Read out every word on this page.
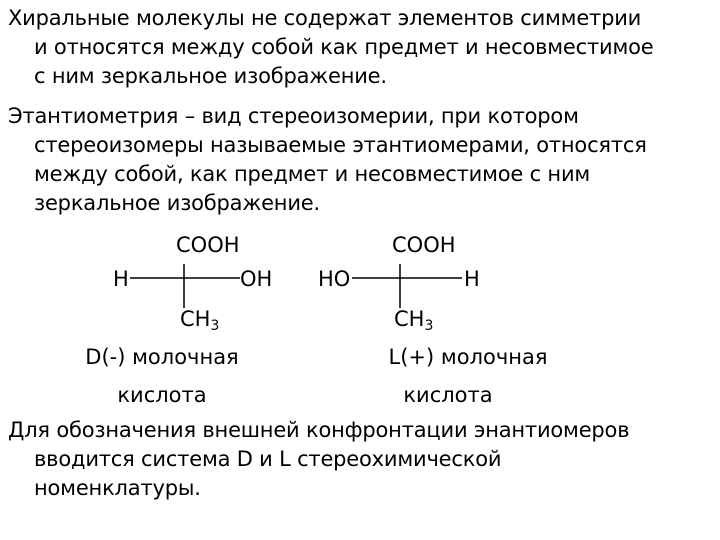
Хиральные молекулы не содержат элементов симметрии
и относятся между собой как предмет и несовместимое
с ним зеркальное изображение.
Этантиометрия – вид стереоизомерии, при котором
стереоизомеры называемые этантиомерами, относятся
между собой, как предмет и несовместимое с ним
зеркальное изображение.
COOH
H	OH
$CH_3$
COOH
HO	H
$CH_3$
D(-) молочная
кислота
L(+) молочная
кислота
Для обозначения внешней конфронтации энантиомеров
вводится система D и L стереохимической
номенклатуры.
